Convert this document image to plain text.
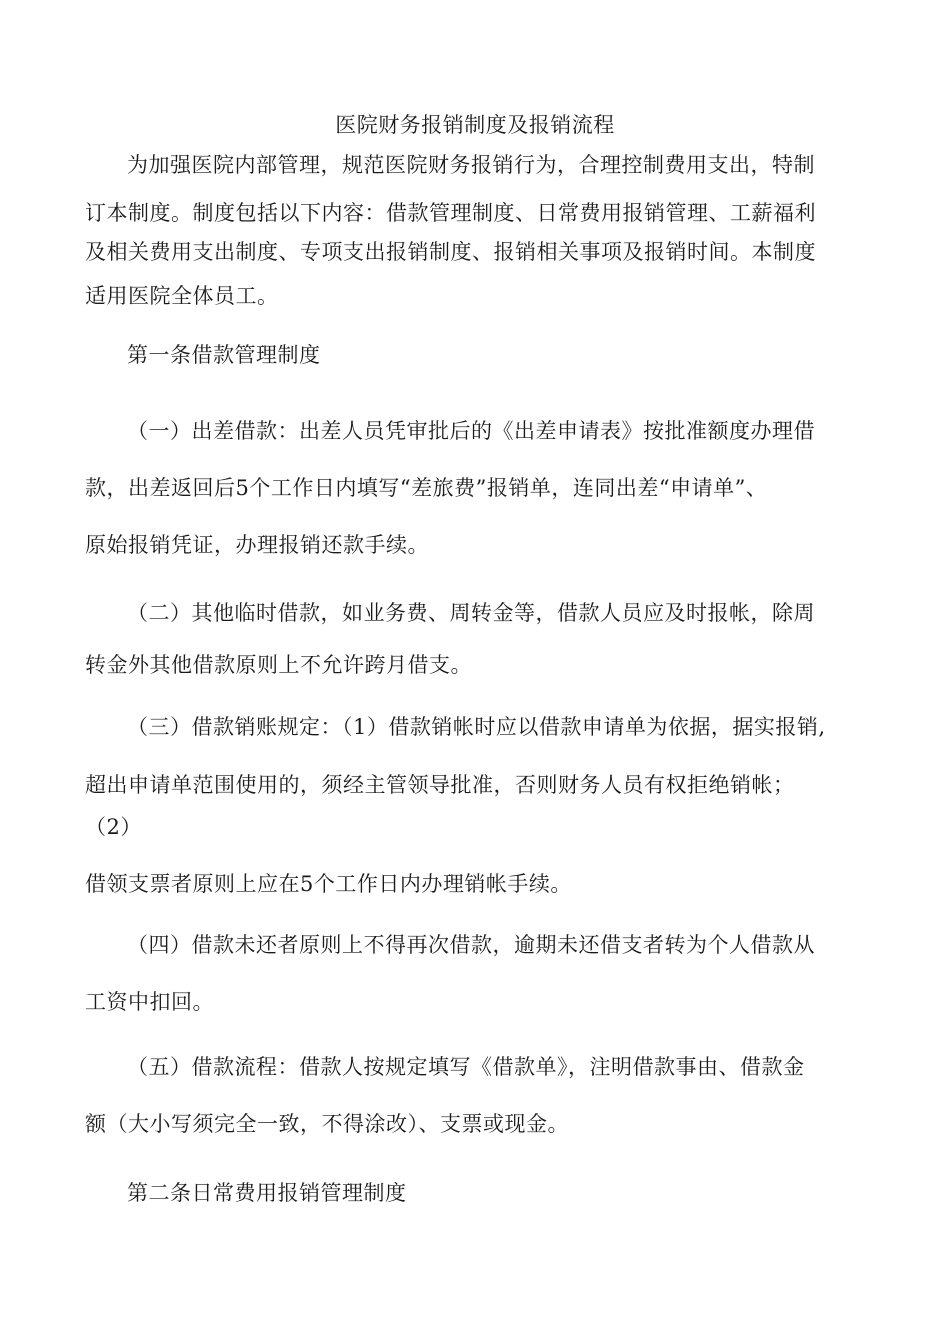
医院财务报销制度及报销流程
为加强医院内部管理，规范医院财务报销行为，合理控制费用支出，特制
订本制度。制度包括以下内容：借款管理制度、日常费用报销管理、工薪福利
及相关费用支出制度、专项支出报销制度、报销相关事项及报销时间。本制度
适用医院全体员工。
第一条借款管理制度
（一）出差借款：出差人员凭审批后的《出差申请表》按批准额度办理借
款，出差返回后5个工作日内填写“差旅费”报销单，连同出差“申请单”、
原始报销凭证，办理报销还款手续。
（二）其他临时借款，如业务费、周转金等，借款人员应及时报帐，除周
转金外其他借款原则上不允许跨月借支。
（三）借款销账规定：（1）借款销帐时应以借款申请单为依据，据实报销,
超出申请单范围使用的，须经主管领导批准，否则财务人员有权拒绝销帐；
（2）
借领支票者原则上应在5个工作日内办理销帐手续。
（四）借款未还者原则上不得再次借款，逾期未还借支者转为个人借款从
工资中扣回。
（五）借款流程：借款人按规定填写《借款单》，注明借款事由、借款金
额（大小写须完全一致，不得涂改）、支票或现金。
第二条日常费用报销管理制度
